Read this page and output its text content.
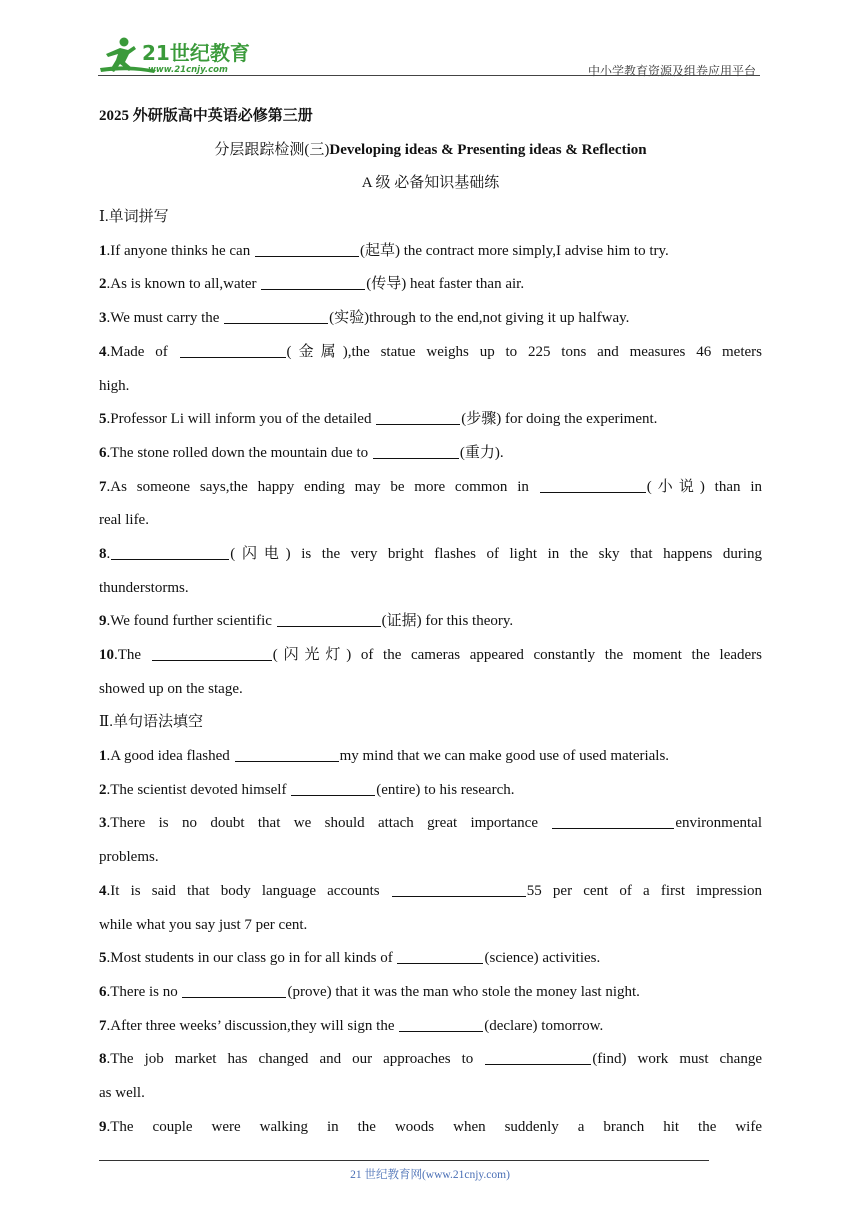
21世纪教育
www.21cnjy.com	中小学教育资源及组卷应用平台
2025 外研版高中英语必修第三册
分层跟踪检测(三)Developing ideas & Presenting ideas & Reflection
A 级 必备知识基础练
Ⅰ.单词拼写
1.If anyone thinks he can	(起草) the contract more simply,I advise him to try.
2.As is known to all,water	(传导) heat faster than air.
3.We must carry the	(实验)through to the end,not giving it up halfway.
4.Made of	(金属),the statue weighs up to 225 tons and measures 46 meters
high.
5.Professor Li will inform you of the detailed	(步骤) for doing the experiment.
6.The stone rolled down the mountain due to	(重力).
7.As someone says,the happy ending may be more common in	(小说) than in
real life.
8.	(闪电) is the very bright flashes of light in the sky that happens during
thunderstorms.
9.We found further scientific	(证据) for this theory.
10.The	(闪光灯) of the cameras appeared constantly the moment the leaders
showed up on the stage.
Ⅱ.单句语法填空
1.A good idea flashed	my mind that we can make good use of used materials.
2.The scientist devoted himself	(entire) to his research.
3.There is no doubt that we should attach great importance	environmental
problems.
4.It is said that body language accounts	55 per cent of a first impression
while what you say just 7 per cent.
5.Most students in our class go in for all kinds of	(science) activities.
6.There is no	(prove) that it was the man who stole the money last night.
7.After three weeks’ discussion,they will sign the	(declare) tomorrow.
8.The job market has changed and our approaches to	(find) work must change
as well.
9.The couple were walking in the woods when suddenly a branch hit the wife
21 世纪教育网(www.21cnjy.com)
